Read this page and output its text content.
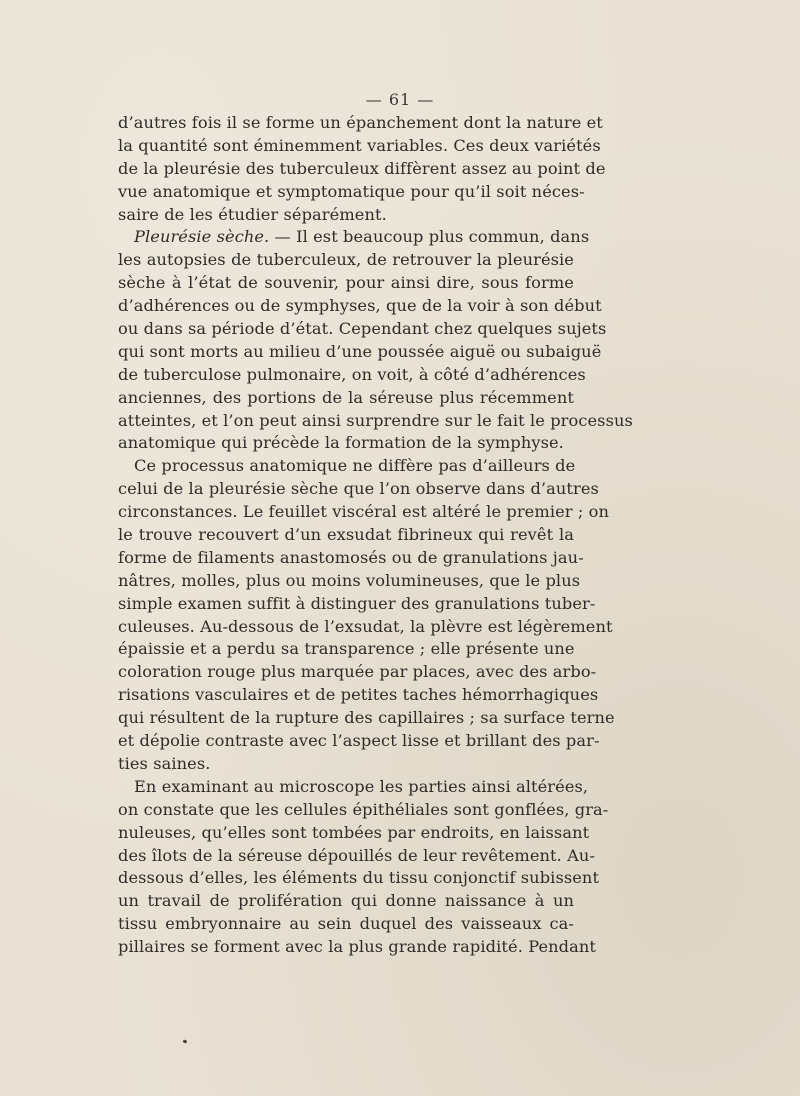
— 61 —
d’autres fois il se forme un épanchement dont la nature et
la quantité sont éminemment variables. Ces deux variétés
de la pleurésie des tuberculeux diffèrent assez au point de
vue anatomique et symptomatique pour qu’il soit néces-
saire de les étudier séparément.
Pleurésie sèche. — Il est beaucoup plus commun, dans
les autopsies de tuberculeux, de retrouver la pleurésie
sèche à l’état de souvenir, pour ainsi dire, sous forme
d’adhérences ou de symphyses, que de la voir à son début
ou dans sa période d’état. Cependant chez quelques sujets
qui sont morts au milieu d’une poussée aiguë ou subaiguë
de tuberculose pulmonaire, on voit, à côté d’adhérences
anciennes, des portions de la séreuse plus récemment
atteintes, et l’on peut ainsi surprendre sur le fait le processus
anatomique qui précède la formation de la symphyse.
Ce processus anatomique ne diffère pas d’ailleurs de
celui de la pleurésie sèche que l’on observe dans d’autres
circonstances. Le feuillet viscéral est altéré le premier ; on
le trouve recouvert d’un exsudat fibrineux qui revêt la
forme de filaments anastomosés ou de granulations jau-
nâtres, molles, plus ou moins volumineuses, que le plus
simple examen suffit à distinguer des granulations tuber-
culeuses. Au-dessous de l’exsudat, la plèvre est légèrement
épaissie et a perdu sa transparence ; elle présente une
coloration rouge plus marquée par places, avec des arbo-
risations vasculaires et de petites taches hémorrhagiques
qui résultent de la rupture des capillaires ; sa surface terne
et dépolie contraste avec l’aspect lisse et brillant des par-
ties saines.
En examinant au microscope les parties ainsi altérées,
on constate que les cellules épithéliales sont gonflées, gra-
nuleuses, qu’elles sont tombées par endroits, en laissant
des îlots de la séreuse dépouillés de leur revêtement. Au-
dessous d’elles, les éléments du tissu conjonctif subissent
un travail de prolifération qui donne naissance à un
tissu embryonnaire au sein duquel des vaisseaux ca-
pillaires se forment avec la plus grande rapidité. Pendant
